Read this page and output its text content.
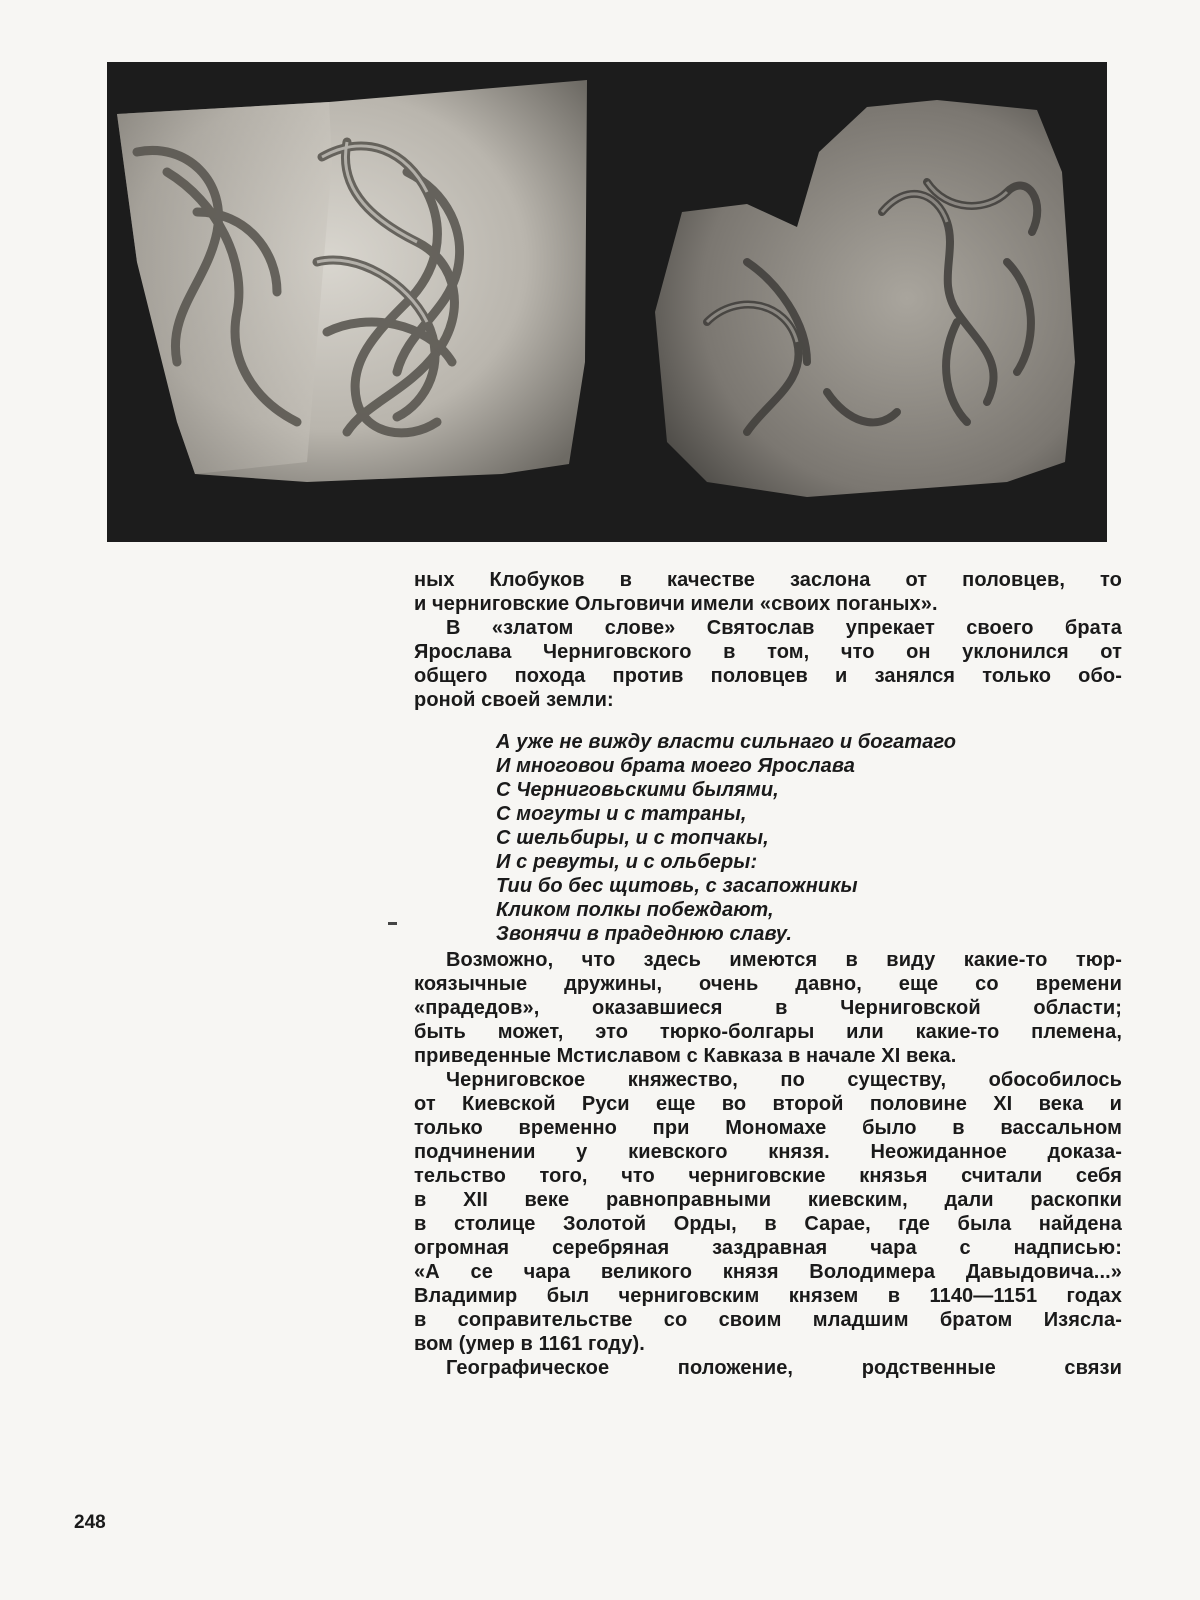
ных Клобуков в качестве заслона от половцев, то
и черниговские Ольговичи имели «своих поганых».
В «златом слове» Святослав упрекает своего брата
Ярослава Черниговского в том, что он уклонился от
общего похода против половцев и занялся только обо-
роной своей земли:
А уже не вижду власти сильнаго и богатаго
И многовои брата моего Ярослава
С Черниговьскими былями,
С могуты и с татраны,
С шельбиры, и с топчакы,
И с ревуты, и с ольберы:
Тии бо бес щитовь, с засапожникы
Кликом полкы побеждают,
Звонячи в прадеднюю славу.
Возможно, что здесь имеются в виду какие-то тюр-
коязычные дружины, очень давно, еще со времени
«прадедов», оказавшиеся в Черниговской области;
быть может, это тюрко-болгары или какие-то племена,
приведенные Мстиславом с Кавказа в начале XI века.
Черниговское княжество, по существу, обособилось
от Киевской Руси еще во второй половине XI века и
только временно при Мономахе было в вассальном
подчинении у киевского князя. Неожиданное доказа-
тельство того, что черниговские князья считали себя
в XII веке равноправными киевским, дали раскопки
в столице Золотой Орды, в Сарае, где была найдена
огромная серебряная заздравная чара с надписью:
«А се чара великого князя Володимера Давыдовича...»
Владимир был черниговским князем в 1140—1151 годах
в соправительстве со своим младшим братом Изясла-
вом (умер в 1161 году).
Географическое положение, родственные связи
248
